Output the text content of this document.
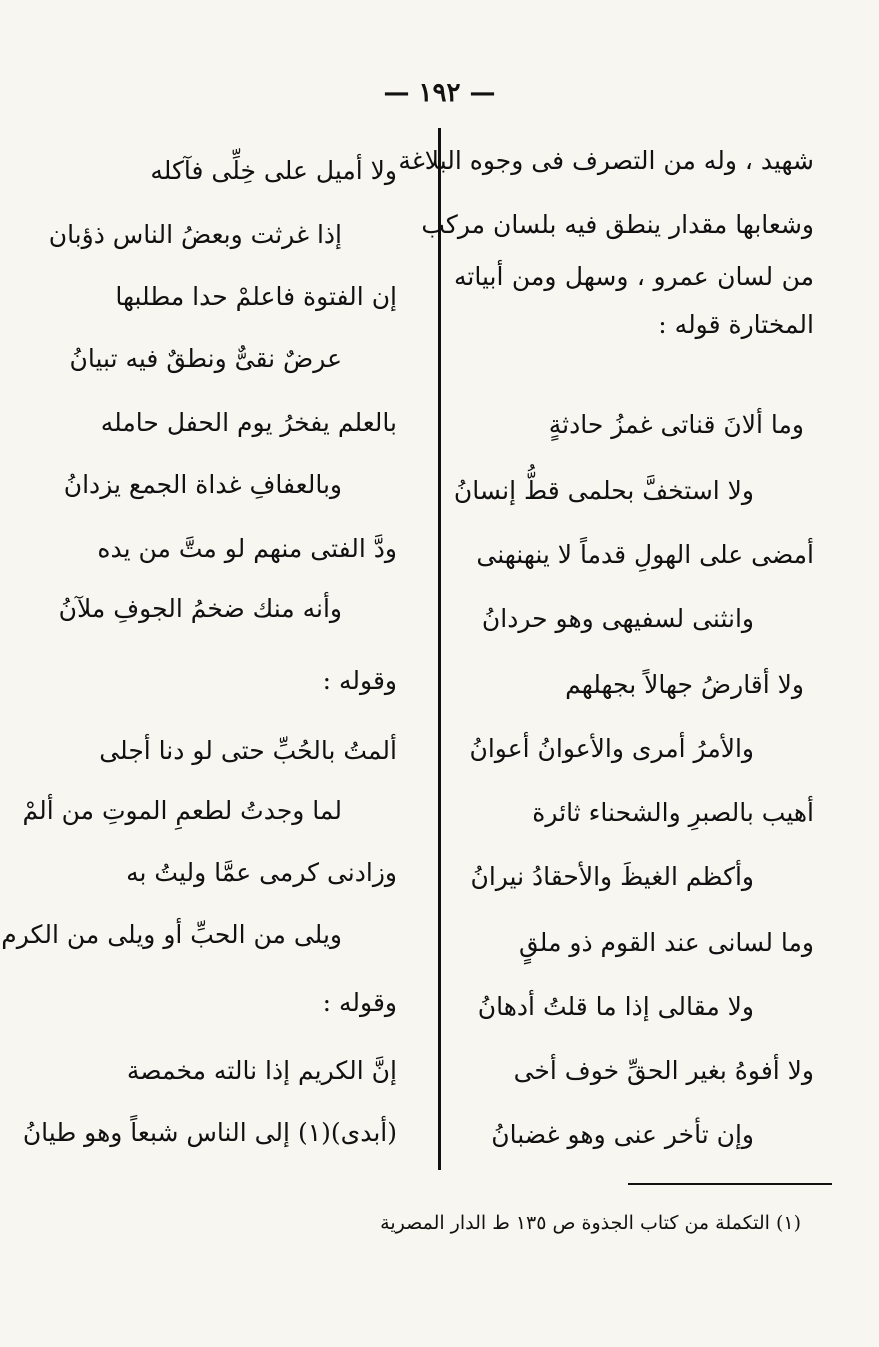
— ١٩٢ —
شهيد ، وله من التصرف فى وجوه البلاغة
وشعابها مقدار ينطق فيه بلسان مركب
من لسان عمرو ، وسهل ومن أبياته
المختارة قوله :
وما ألانَ قناتى غمزُ حادثةٍ
ولا استخفَّ بحلمى قطُّ إنسانُ
أمضى على الهولِ قدماً لا ينهنهنى
وانثنى لسفيهى وهو حردانُ
ولا أقارضُ جهالاً بجهلهم
والأمرُ أمرى والأعوانُ أعوانُ
أهيب بالصبرِ والشحناء ثائرة
وأكظم الغيظَ والأحقادُ نيرانُ
وما لسانى عند القوم ذو ملقٍ
ولا مقالى إذا ما قلتُ أدهانُ
ولا أفوهُ بغير الحقِّ خوف أخى
وإن تأخر عنى وهو غضبانُ
ولا أميل على خِلِّى فآكله
إذا غرثت وبعضُ الناس ذؤبان
إن الفتوة فاعلمْ حدا مطلبها
عرضٌ نقىٌّ ونطقٌ فيه تبيانُ
بالعلم يفخرُ يوم الحفل حامله
وبالعفافِ غداة الجمع يزدانُ
ودَّ الفتى منهم لو متَّ من يده
وأنه منك ضخمُ الجوفِ ملآنُ
وقوله :
ألمتُ بالحُبِّ حتى لو دنا أجلى
لما وجدتُ لطعمِ الموتِ من ألمْ
وزادنى كرمى عمَّا وليتُ به
ويلى من الحبِّ أو ويلى من الكرم
وقوله :
إنَّ الكريم إذا نالته مخمصة
(أبدى)(١) إلى الناس شبعاً وهو طيانُ
(١) التكملة من كتاب الجذوة ص ١٣٥ ط الدار المصرية
